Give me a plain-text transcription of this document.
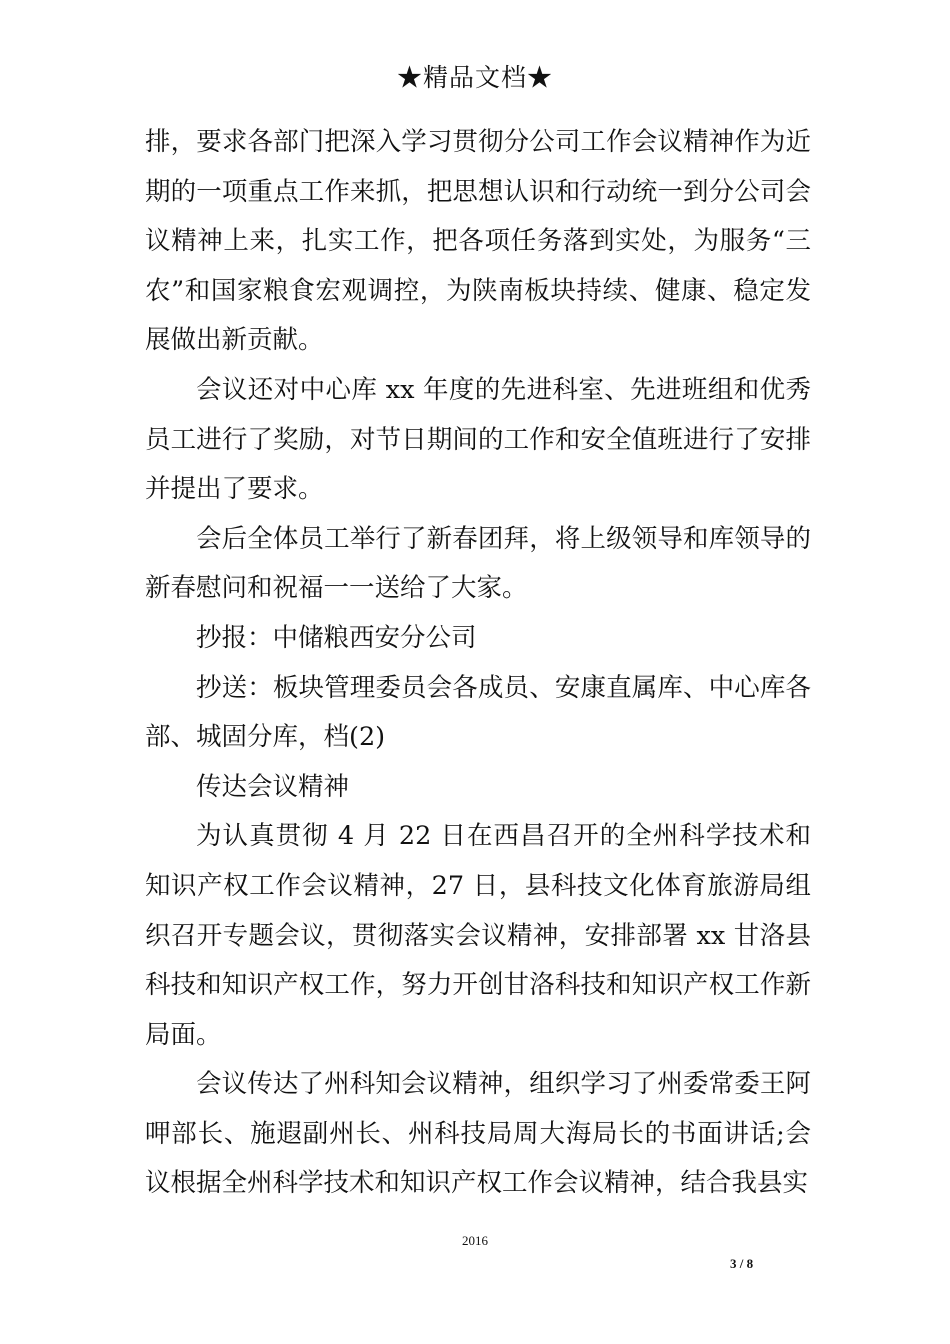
★精品文档★

排，要求各部门把深入学习贯彻分公司工作会议精神作为近期的一项重点工作来抓，把思想认识和行动统一到分公司会议精神上来，扎实工作，把各项任务落到实处，为服务“三农”和国家粮食宏观调控，为陕南板块持续、健康、稳定发展做出新贡献。

会议还对中心库 xx 年度的先进科室、先进班组和优秀员工进行了奖励，对节日期间的工作和安全值班进行了安排并提出了要求。

会后全体员工举行了新春团拜，将上级领导和库领导的新春慰问和祝福一一送给了大家。

抄报：中储粮西安分公司

抄送：板块管理委员会各成员、安康直属库、中心库各部、城固分库，档(2)

传达会议精神

为认真贯彻 4 月 22 日在西昌召开的全州科学技术和知识产权工作会议精神，27 日，县科技文化体育旅游局组织召开专题会议，贯彻落实会议精神，安排部署 xx 甘洛县科技和知识产权工作，努力开创甘洛科技和知识产权工作新局面。

会议传达了州科知会议精神，组织学习了州委常委王阿呷部长、施遐副州长、州科技局周大海局长的书面讲话;会议根据全州科学技术和知识产权工作会议精神，结合我县实

2016
3 / 8
